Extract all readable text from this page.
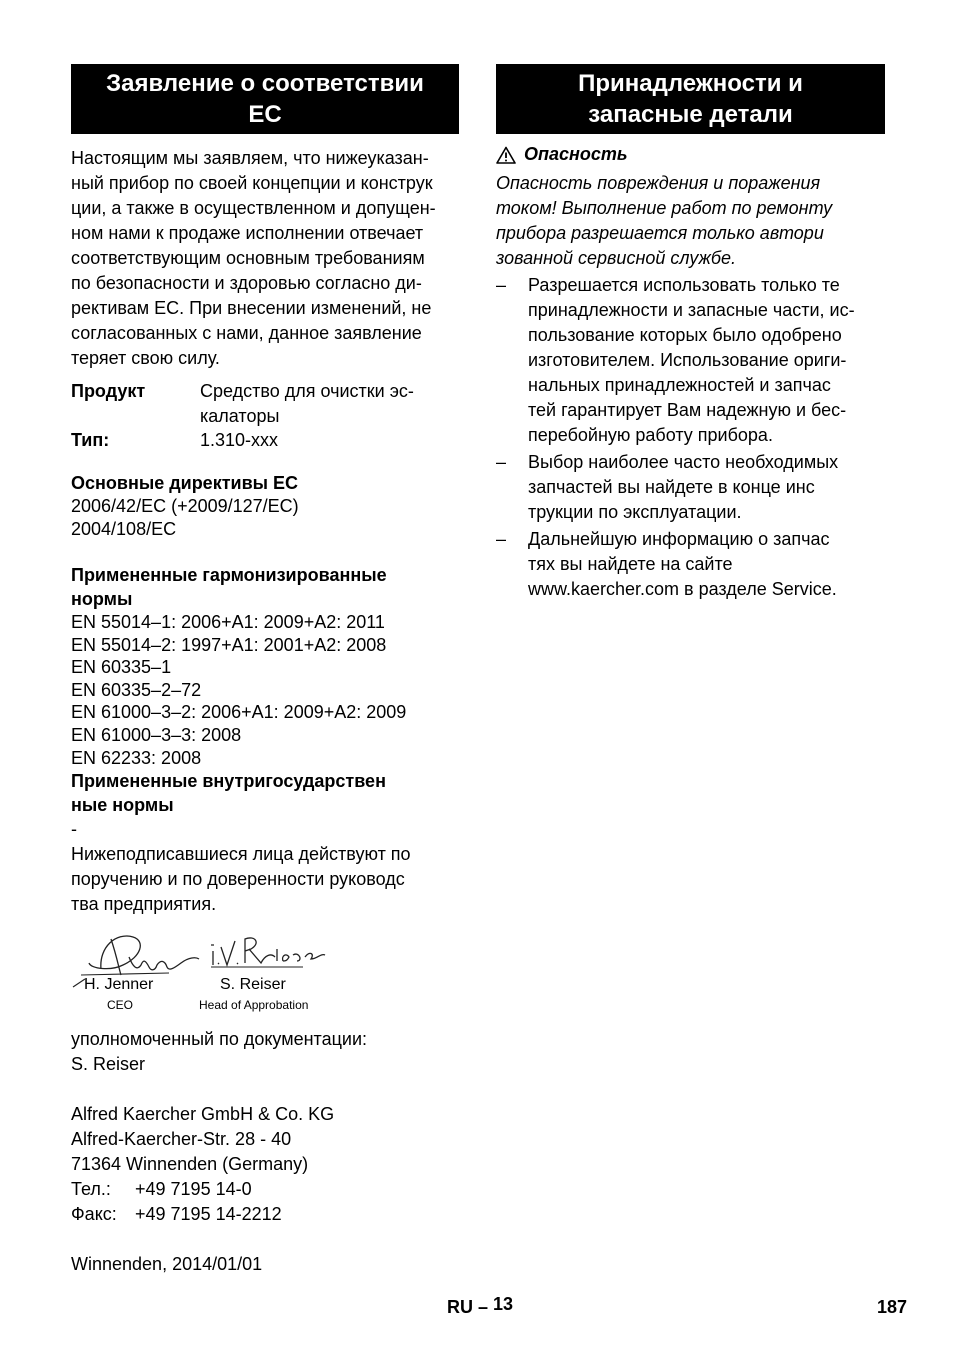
Заявление о соответствии
ЕС
Настоящим мы заявляем, что нижеуказан-
ный прибор по своей концепции и конструк
ции, а также в осуществленном и допущен-
ном нами к продаже исполнении отвечает
соответствующим основным требованиям
по безопасности и здоровью согласно ди-
рективам ЕС. При внесении изменений, не
согласованных с нами, данное заявление
теряет свою силу.
Продукт	Средство для очистки эс-
калаторы
Тип:	1.310-xxx
Основные директивы ЕС
2006/42/EC (+2009/127/EC)
2004/108/EC
Примененные гармонизированные
нормы
EN 55014–1: 2006+A1: 2009+A2: 2011
EN 55014–2: 1997+A1: 2001+A2: 2008
EN 60335–1
EN 60335–2–72
EN 61000–3–2: 2006+A1: 2009+A2: 2009
EN 61000–3–3: 2008
EN 62233: 2008
Примененные внутригосударствен
ные нормы
-
Нижеподписавшиеся лица действуют по
поручению и по доверенности руководс
тва предприятия.
H. Jenner
CEO
S. Reiser
Head of Approbation
уполномоченный по документации:
S. Reiser
Alfred Kaercher GmbH & Co. KG
Alfred-Kaercher-Str. 28 - 40
71364 Winnenden (Germany)
Тел.:	+49 7195 14-0
Факс:	+49 7195 14-2212
Winnenden, 2014/01/01
Принадлежности и
запасные детали
Опасность
Опасность повреждения и поражения
током! Выполнение работ по ремонту
прибора разрешается только автори
зованной сервисной службе.
–	Разрешается использовать только те
принадлежности и запасные части, ис-
пользование которых было одобрено
изготовителем. Использование ориги-
нальных принадлежностей и запчас
тей гарантирует Вам надежную и бес-
перебойную работу прибора.
–	Выбор наиболее часто необходимых
запчастей вы найдете в конце инс
трукции по эксплуатации.
–	Дальнейшую информацию о запчас
тях вы найдете на сайте
www.kaercher.com в разделе Service.
RU – 13	187
